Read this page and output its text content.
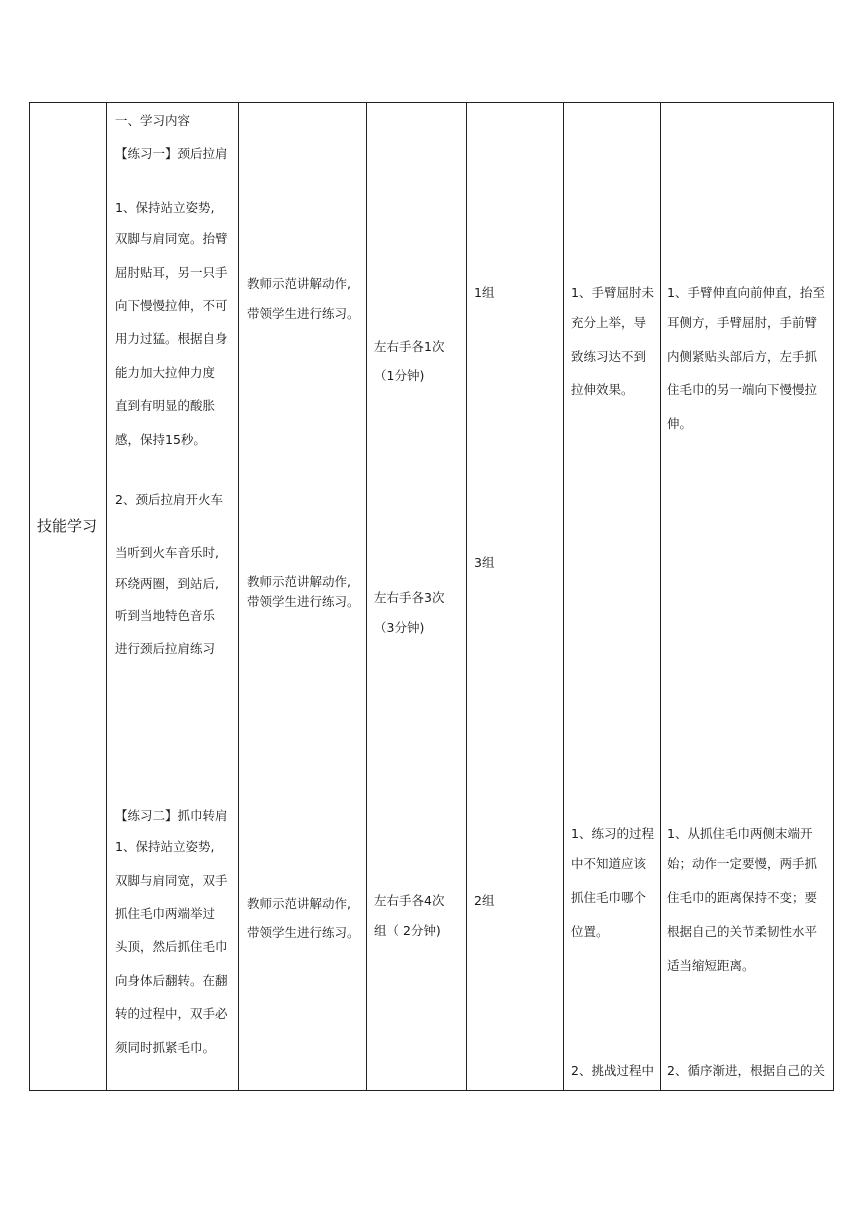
技能学习
一、学习内容
【练习一】颈后拉肩
1、保持站立姿势,
双脚与肩同宽。抬臂
屈肘贴耳，另一只手
向下慢慢拉伸，不可
用力过猛。根据自身
能力加大拉伸力度
直到有明显的酸胀
感，保持15秒。
2、颈后拉肩开火车
当听到火车音乐时,
环绕两圈，到站后,
听到当地特色音乐
进行颈后拉肩练习
【练习二】抓巾转肩
1、保持站立姿势,
双脚与肩同宽，双手
抓住毛巾两端举过
头顶，然后抓住毛巾
向身体后翻转。在翻
转的过程中，双手必
须同时抓紧毛巾。
教师示范讲解动作,
带领学生进行练习。
教师示范讲解动作,
带领学生进行练习。
教师示范讲解动作,
带领学生进行练习。
左右手各1次
（1分钟)
左右手各3次
（3分钟)
左右手各4次
组（ 2分钟)
1组
3组
2组
1、手臂屈肘未
充分上举，导
致练习达不到
拉伸效果。
1、练习的过程
中不知道应该
抓住毛巾哪个
位置。
2、挑战过程中
1、手臂伸直向前伸直，抬至
耳侧方，手臂屈肘，手前臂
内侧紧贴头部后方，左手抓
住毛巾的另一端向下慢慢拉
伸。
1、从抓住毛巾两侧末端开
始；动作一定要慢，两手抓
住毛巾的距离保持不变；要
根据自己的关节柔韧性水平
适当缩短距离。
2、循序渐进，根据自己的关
